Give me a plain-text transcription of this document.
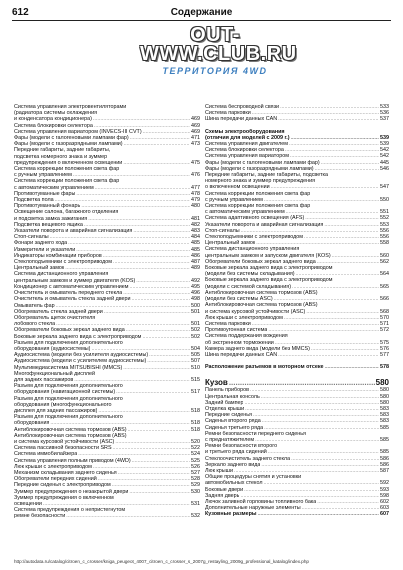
612	Содержание
OUT-
WWW.CLUB.RU
ТЕРРИТОРИЯ 4WD
Система управления электровентиляторами
(радиатора системы охлаждения
и конденсатора кондиционера) .....	469
Система блокировки селектора .....	469
Система управления вариатором (INVECS-III CVT) .....	469
Фары (модели с галогеновыми лампами фар) .....	471
Фары (модели с газоразрядными лампами) .....	473
Передние габариты, задние габариты,
подсветка номерного знака и зуммер
предупреждения о включенном освещении .....	475
Система коррекции положения света фар
с ручным управлением .....	476
Система коррекции положения света фар
с автоматическим управлением .....	477
Противотуманные фары .....	478
Подсветка пола .....	479
Противотуманный фонарь .....	480
Освещение салона, багажного отделения
и подсветка замка зажигания .....	481
Подсветка вещевого ящика .....	482
Указатели поворота и аварийная сигнализация .....	483
Стоп-сигналы .....	484
Фонари заднего хода .....	485
Измерители и указатели .....	485
Индикаторы комбинации приборов .....	486
Стеклоподъемники с электроприводом .....	487
Центральный замок .....	489
Система дистанционного управления
центральным замком и зуммер двигателя (KOS) .....	492
Кондиционер с автоматическим управлением .....	495
Очиститель и омыватель переднего стекла .....	496
Очиститель и омыватель стекла задней двери .....	498
Омыватель фар .....	500
Обогреватель стекла задней двери .....	501
Обогреватель щеток очистителя
лобового стекла .....	501
Обогреватели боковых зеркал заднего вида .....	502
Боковые зеркала заднего вида с электроприводом .....	502
Разъем для подключения дополнительного
оборудования (аудиосистемы) .....	504
Аудиосистема (модели без усилителя аудиосистемы) .....	505
Аудиосистема (модели с усилителем аудиосистемы) .....	507
Мультимедиасистема MITSUBISHI (MMCS) .....	510
Многофункциональный дисплей
для задних пассажиров .....	515
Разъем для подключения дополнительного
оборудования (навигационной системы) .....	517
Разъем для подключения дополнительного
оборудования (многофункционального
дисплея для задних пассажиров) .....	518
Разъем для подключения дополнительного
оборудования .....	518
Антиблокировочная система тормозов (ABS) .....	518
Антиблокировочная система тормозов (ABS)
и система курсовой устойчивости (ASC) .....	520
Система пассивной безопасности SRS .....	522
Система иммобилайзера .....	524
Система управления полным приводом (4WD) .....	525
Люк крыши с электроприводом .....	526
Механизм складывания заднего сиденья .....	527
Обогреватели передних сидений .....	528
Передние сиденья с электроприводом .....	529
Зуммер предупреждения о незакрытой двери .....	530
Зуммер предупреждения о включенном
освещении .....	531
Система предупреждения о непристегнутом
ремне безопасности .....	532
Система беспроводной связи .....	533
Система парковки .....	536
Шина передачи данных CAN .....	537
Схемы электрооборудования
(отличия для моделей с 2009 г.) .....	539
Система управления двигателем .....	539
Система блокировки селектора .....	542
Система управления вариатором .....	542
Фары (модели с галогеновыми лампами фар) .....	445
Фары (модели с газоразрядными лампами) .....	546
Передние габариты, задние габариты, подсветка
номерного знака и зуммер предупреждения
о включенном освещении .....	547
Система коррекции положения света фар
с ручным управлением .....	550
Система коррекции положения света фар
с автоматическим управлением .....	551
Система адаптивного освещения (AFS) .....	552
Указатели поворота и аварийная сигнализация .....	553
Стоп-сигналы .....	556
Стеклоподъемники с электроприводом .....	556
Центральный замок .....	558
Система дистанционного управления
центральным замком и запуском двигателя (KOS) .....	560
Обогреватели боковых зеркал заднего вида .....	562
Боковые зеркала заднего вида с электроприводом
(модели без системы складывания) .....	564
Боковые зеркала заднего вида с электроприводом
(модели с системой складывания) .....	565
Антиблокировочная система тормозов (ABS)
(модели без системы ASC) .....	566
Антиблокировочная система тормозов (ABS)
и система курсовой устойчивости (ASC) .....	568
Люк крыши с электроприводом .....	570
Система парковки .....	571
Противоугонная система .....	572
Система поддержания вождения
об экстренном торможении .....	575
Камера заднего вида (модели без MMCS) .....	576
Шина передачи данных CAN .....	577
Расположение разъемов в моторном отсеке .....	578
Кузов .....	580
Панель приборов .....	580
Центральная консоль .....	580
Задний бампер .....	580
Отделка крыши .....	583
Передние сиденья .....	583
Сиденья второго ряда .....	583
Сиденья третьего ряда .....	585
Ремни безопасности переднего сиденья
с преднатяжителем .....	585
Ремни безопасности второго
и третьего ряда сидений .....	585
Стеклоочиститель заднего стекла .....	586
Зеркало заднего вида .....	586
Люк крыши .....	587
Общие процедуры снятия и установки
автомобильных стекол .....	592
Боковые двери .....	593
Задняя дверь .....	598
Лючок заливной горловины топливного бака .....	602
Дополнительные наружные элементы .....	603
Кузовные размеры .....	607
http://autodata.ru/catalog/citroen_c_crosser/kniga_peugeot_4007_citroen_c_crosser_s_2007g_restayling_2009g_professional_katalog/index.php
